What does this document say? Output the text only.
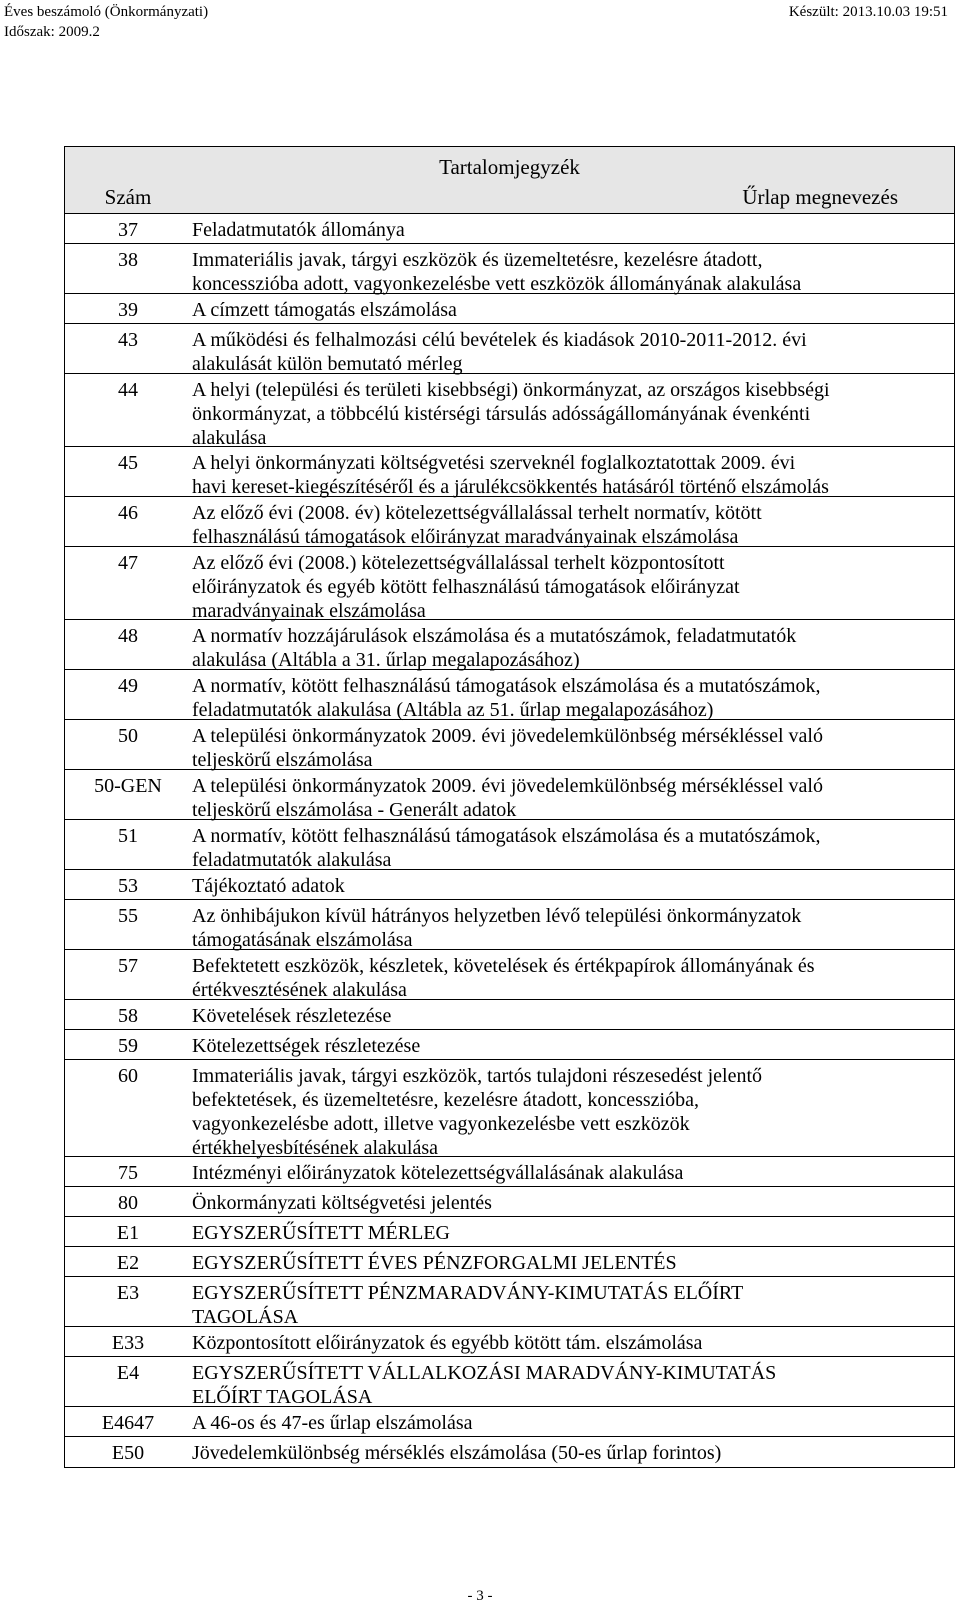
Éves beszámoló (Önkormányzati)
Időszak: 2009.2
Készült: 2013.10.03 19:51
Tartalomjegyzék
Szám	Űrlap megnevezés
37	Feladatmutatók állománya
38	Immateriális javak, tárgyi eszközök és üzemeltetésre, kezelésre átadott,
koncesszióba adott, vagyonkezelésbe vett eszközök állományának alakulása
39	A címzett támogatás elszámolása
43	A működési és felhalmozási célú bevételek és kiadások 2010-2011-2012. évi
alakulását külön bemutató mérleg
44	A helyi (települési és területi kisebbségi) önkormányzat, az országos kisebbségi
önkormányzat, a többcélú kistérségi társulás adósságállományának évenkénti
alakulása
45	A helyi önkormányzati költségvetési szerveknél foglalkoztatottak 2009. évi
havi kereset-kiegészítéséről és a járulékcsökkentés hatásáról történő elszámolás
46	Az előző évi (2008. év) kötelezettségvállalással terhelt normatív, kötött
felhasználású támogatások előirányzat maradványainak elszámolása
47	Az előző évi (2008.) kötelezettségvállalással terhelt központosított
előirányzatok és egyéb kötött felhasználású támogatások előirányzat
maradványainak elszámolása
48	A normatív hozzájárulások elszámolása és a mutatószámok, feladatmutatók
alakulása (Altábla a 31. űrlap megalapozásához)
49	A normatív, kötött felhasználású támogatások elszámolása és a mutatószámok,
feladatmutatók alakulása (Altábla az 51. űrlap megalapozásához)
50	A települési önkormányzatok 2009. évi jövedelemkülönbség mérsékléssel való
teljeskörű elszámolása
50-GEN	A települési önkormányzatok 2009. évi jövedelemkülönbség mérsékléssel való
teljeskörű elszámolása - Generált adatok
51	A normatív, kötött felhasználású támogatások elszámolása és a mutatószámok,
feladatmutatók alakulása
53	Tájékoztató adatok
55	Az önhibájukon kívül hátrányos helyzetben lévő települési önkormányzatok
támogatásának elszámolása
57	Befektetett eszközök, készletek, követelések és értékpapírok állományának és
értékvesztésének alakulása
58	Követelések részletezése
59	Kötelezettségek részletezése
60	Immateriális javak, tárgyi eszközök, tartós tulajdoni részesedést jelentő
befektetések, és üzemeltetésre, kezelésre átadott, koncesszióba,
vagyonkezelésbe adott, illetve vagyonkezelésbe vett eszközök
értékhelyesbítésének alakulása
75	Intézményi előirányzatok kötelezettségvállalásának alakulása
80	Önkormányzati költségvetési jelentés
E1	EGYSZERŰSÍTETT MÉRLEG
E2	EGYSZERŰSÍTETT ÉVES PÉNZFORGALMI JELENTÉS
E3	EGYSZERŰSÍTETT PÉNZMARADVÁNY-KIMUTATÁS ELŐÍRT
TAGOLÁSA
E33	Központosított előirányzatok és egyébb kötött tám. elszámolása
E4	EGYSZERŰSÍTETT VÁLLALKOZÁSI MARADVÁNY-KIMUTATÁS
ELŐÍRT TAGOLÁSA
E4647	A 46-os és 47-es űrlap elszámolása
E50	Jövedelemkülönbség mérséklés elszámolása (50-es űrlap forintos)
- 3 -
